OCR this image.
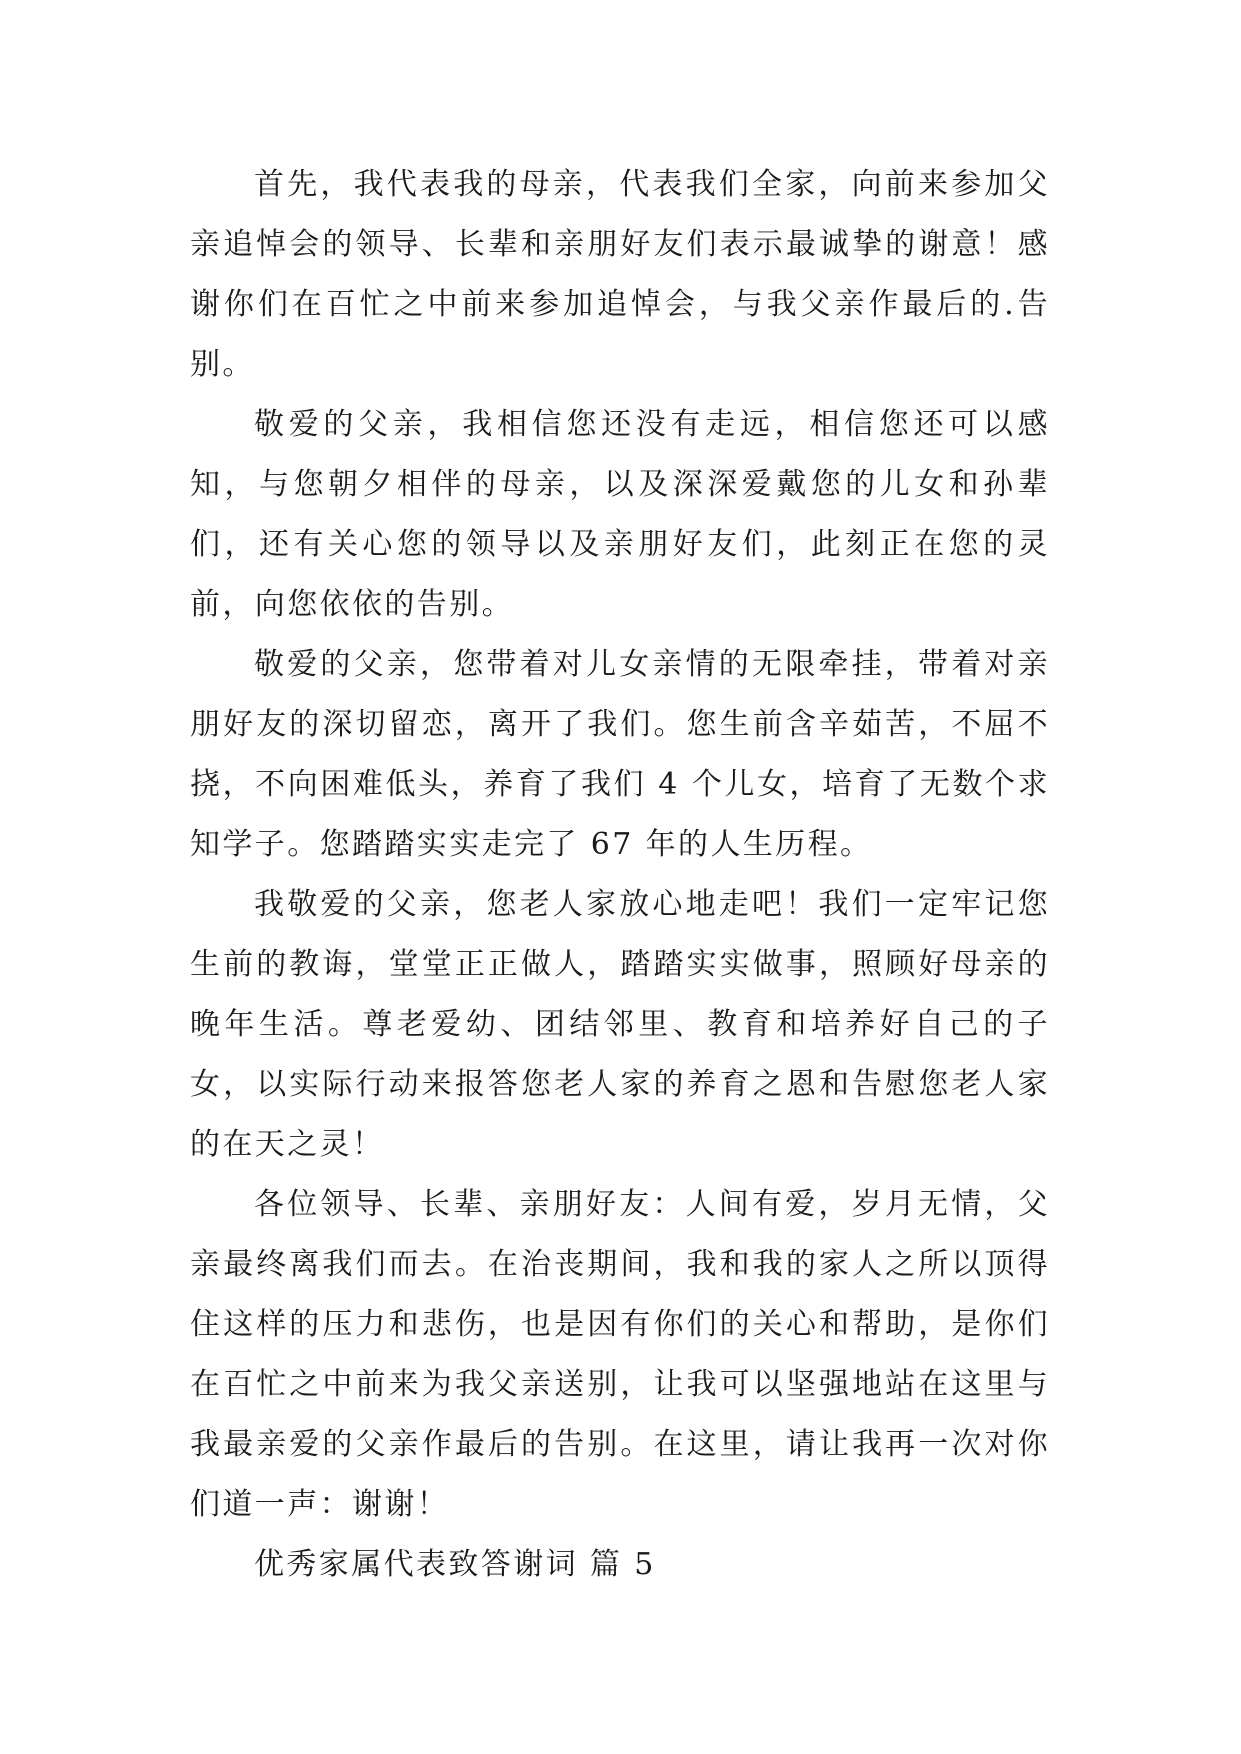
首先，我代表我的母亲，代表我们全家，向前来参加父亲追悼会的领导、长辈和亲朋好友们表示最诚挚的谢意！感谢你们在百忙之中前来参加追悼会，与我父亲作最后的.告别。

敬爱的父亲，我相信您还没有走远，相信您还可以感知，与您朝夕相伴的母亲，以及深深爱戴您的儿女和孙辈们，还有关心您的领导以及亲朋好友们，此刻正在您的灵前，向您依依的告别。

敬爱的父亲，您带着对儿女亲情的无限牵挂，带着对亲朋好友的深切留恋，离开了我们。您生前含辛茹苦，不屈不挠，不向困难低头，养育了我们 4 个儿女，培育了无数个求知学子。您踏踏实实走完了 67 年的人生历程。

我敬爱的父亲，您老人家放心地走吧！我们一定牢记您生前的教诲，堂堂正正做人，踏踏实实做事，照顾好母亲的晚年生活。尊老爱幼、团结邻里、教育和培养好自己的子女，以实际行动来报答您老人家的养育之恩和告慰您老人家的在天之灵！

各位领导、长辈、亲朋好友：人间有爱，岁月无情，父亲最终离我们而去。在治丧期间，我和我的家人之所以顶得住这样的压力和悲伤，也是因有你们的关心和帮助，是你们在百忙之中前来为我父亲送别，让我可以坚强地站在这里与我最亲爱的父亲作最后的告别。在这里，请让我再一次对你们道一声：谢谢！

优秀家属代表致答谢词 篇 5
